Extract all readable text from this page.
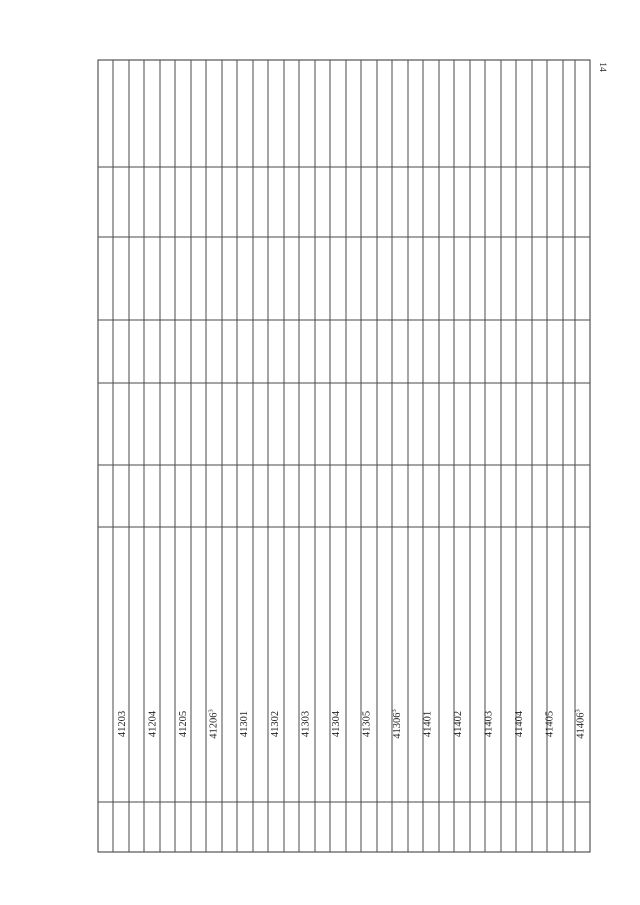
41203 41204 41205 41206$^3$	41301 41302 41303 41304 41305 41306$^3$	41401 41402 41403 41404 41405 41406$^3$
14
